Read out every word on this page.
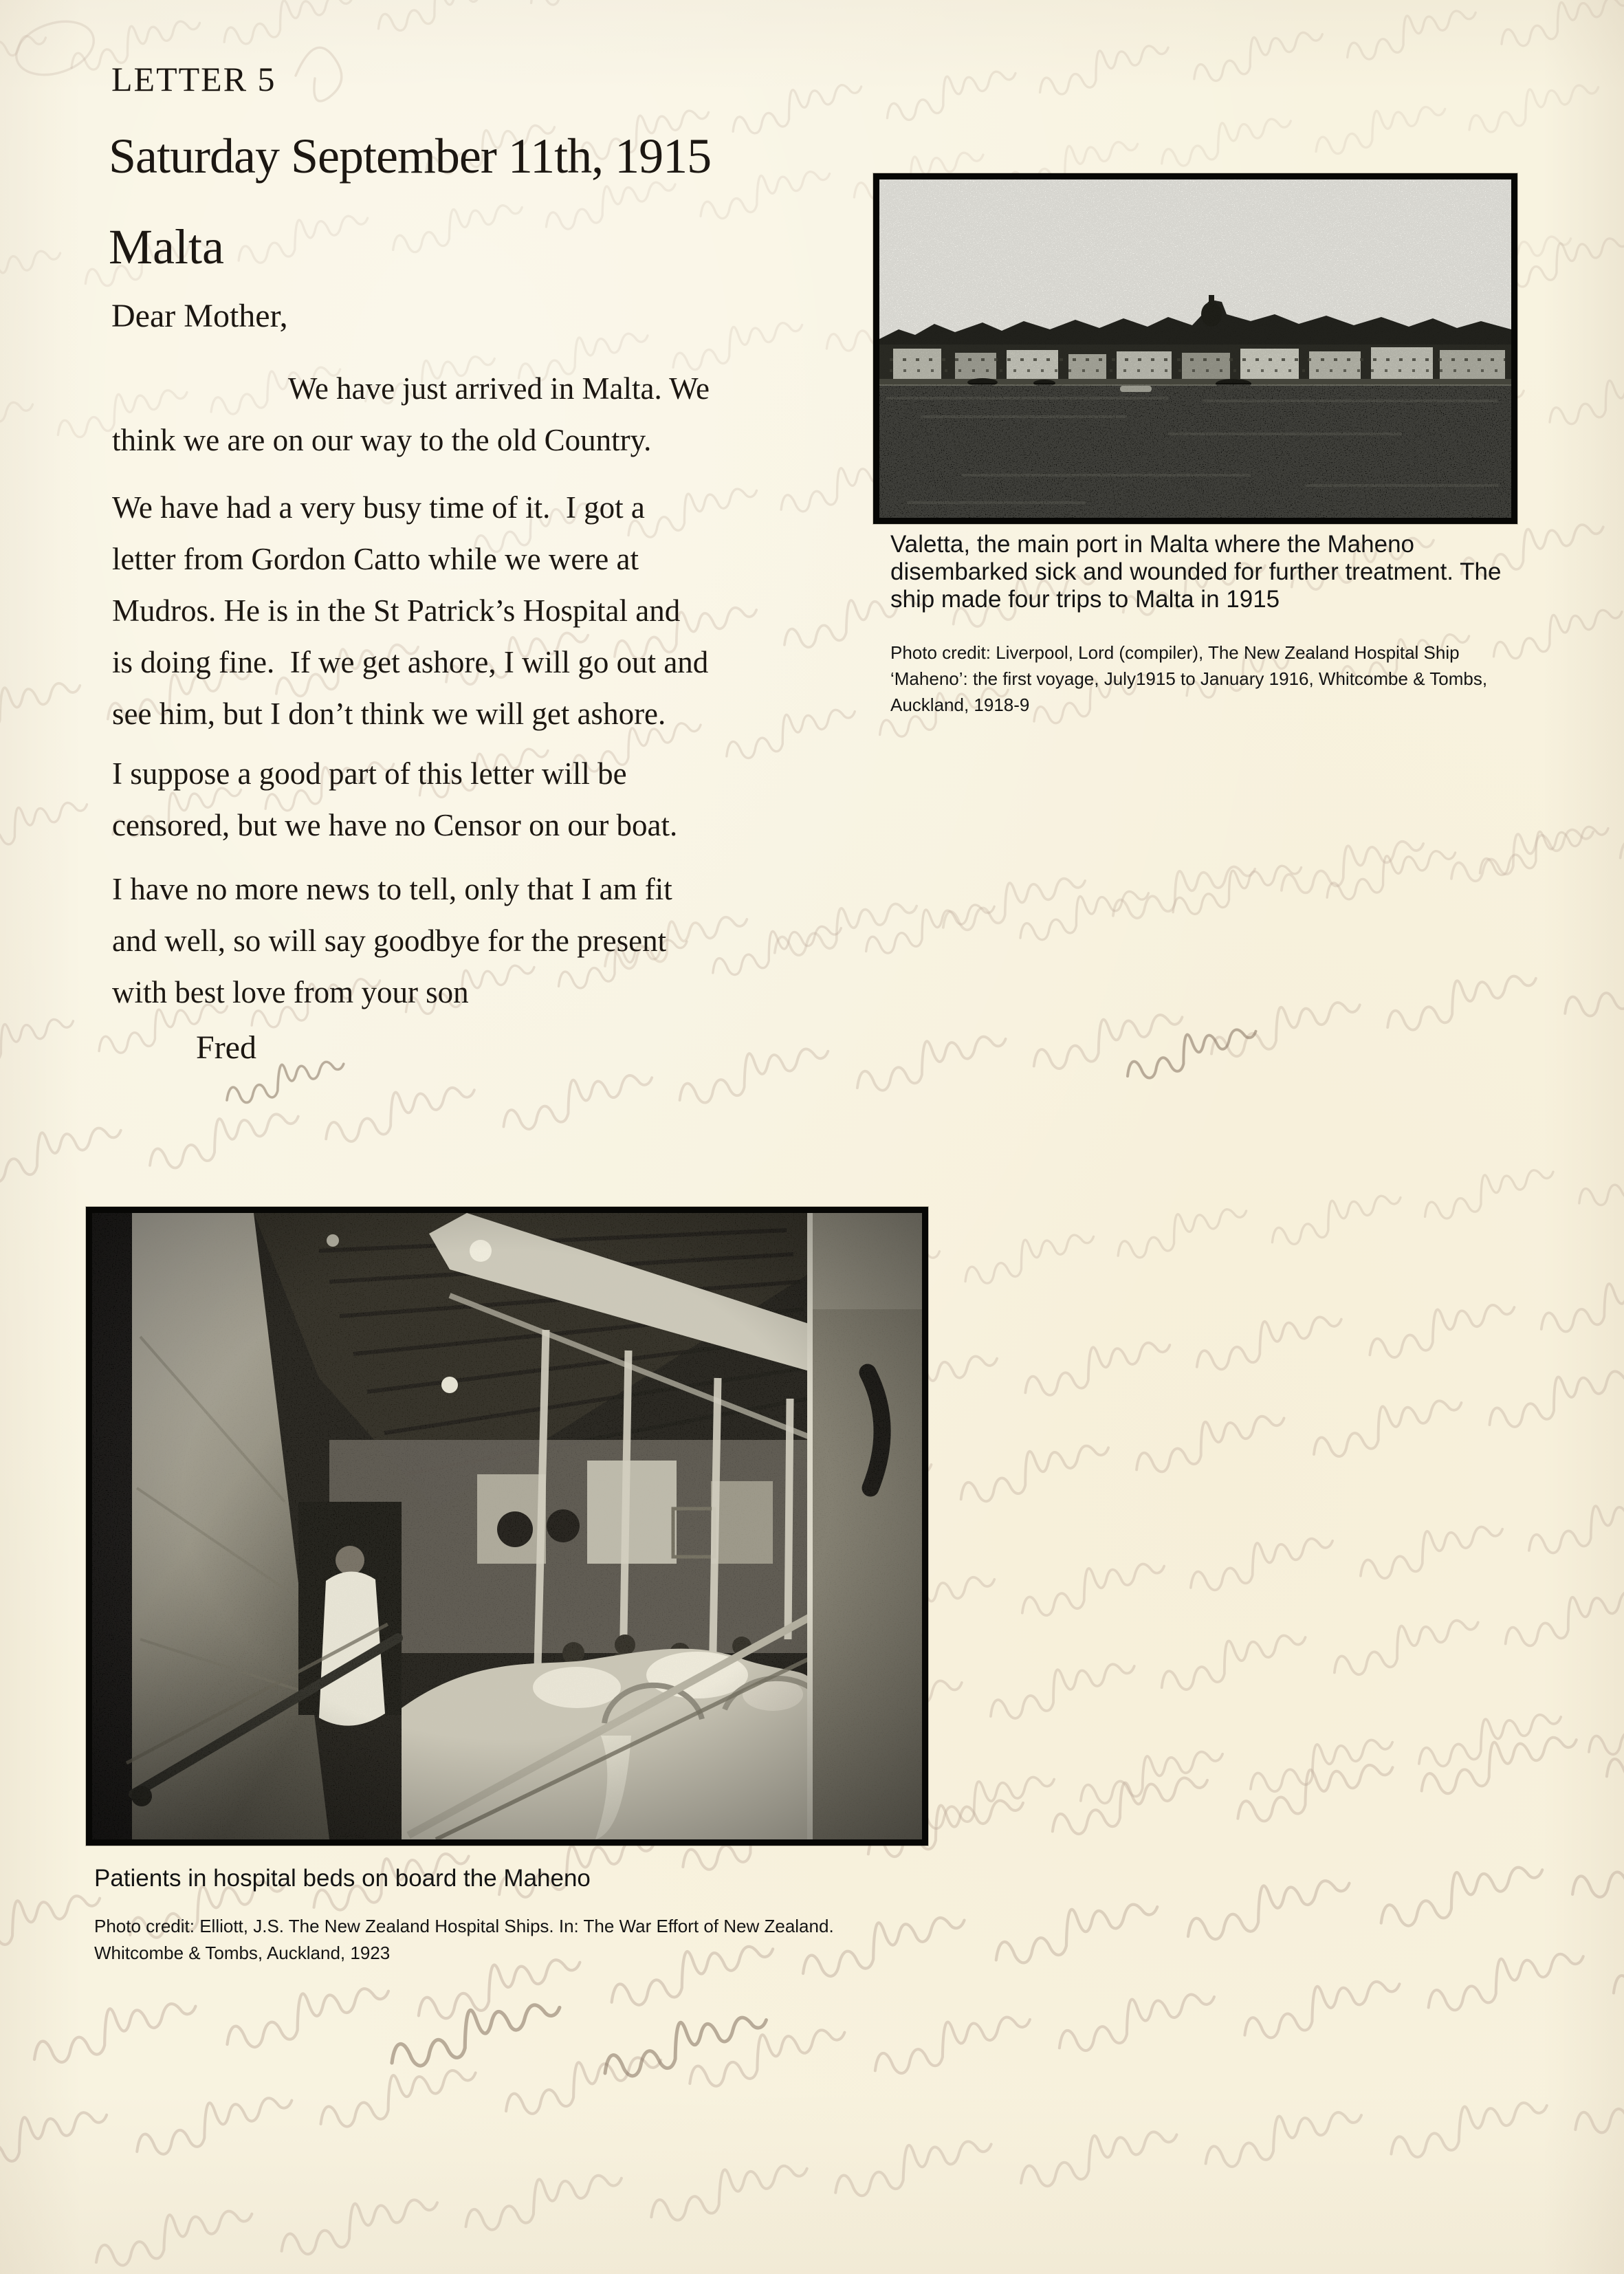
LETTER 5
Saturday September 11th, 1915
Malta

Dear Mother,

We have just arrived in Malta. We
think we are on our way to the old Country.
We have had a very busy time of it.  I got a
letter from Gordon Catto while we were at
Mudros. He is in the St Patrick’s Hospital and
is doing fine.  If we get ashore, I will go out and
see him, but I don’t think we will get ashore.
I suppose a good part of this letter will be
censored, but we have no Censor on our boat.
I have no more news to tell, only that I am fit
and well, so will say goodbye for the present
with best love from your son
Fred
Valetta, the main port in Malta where the Maheno disembarked sick and wounded for further treatment. The ship made four trips to Malta in 1915
Photo credit: Liverpool, Lord (compiler), The New Zealand Hospital Ship ‘Maheno’: the first voyage, July1915 to January 1916, Whitcombe & Tombs, Auckland, 1918-9
Patients in hospital beds on board the Maheno
Photo credit: Elliott, J.S. The New Zealand Hospital Ships. In: The War Effort of New Zealand. Whitcombe & Tombs, Auckland, 1923
